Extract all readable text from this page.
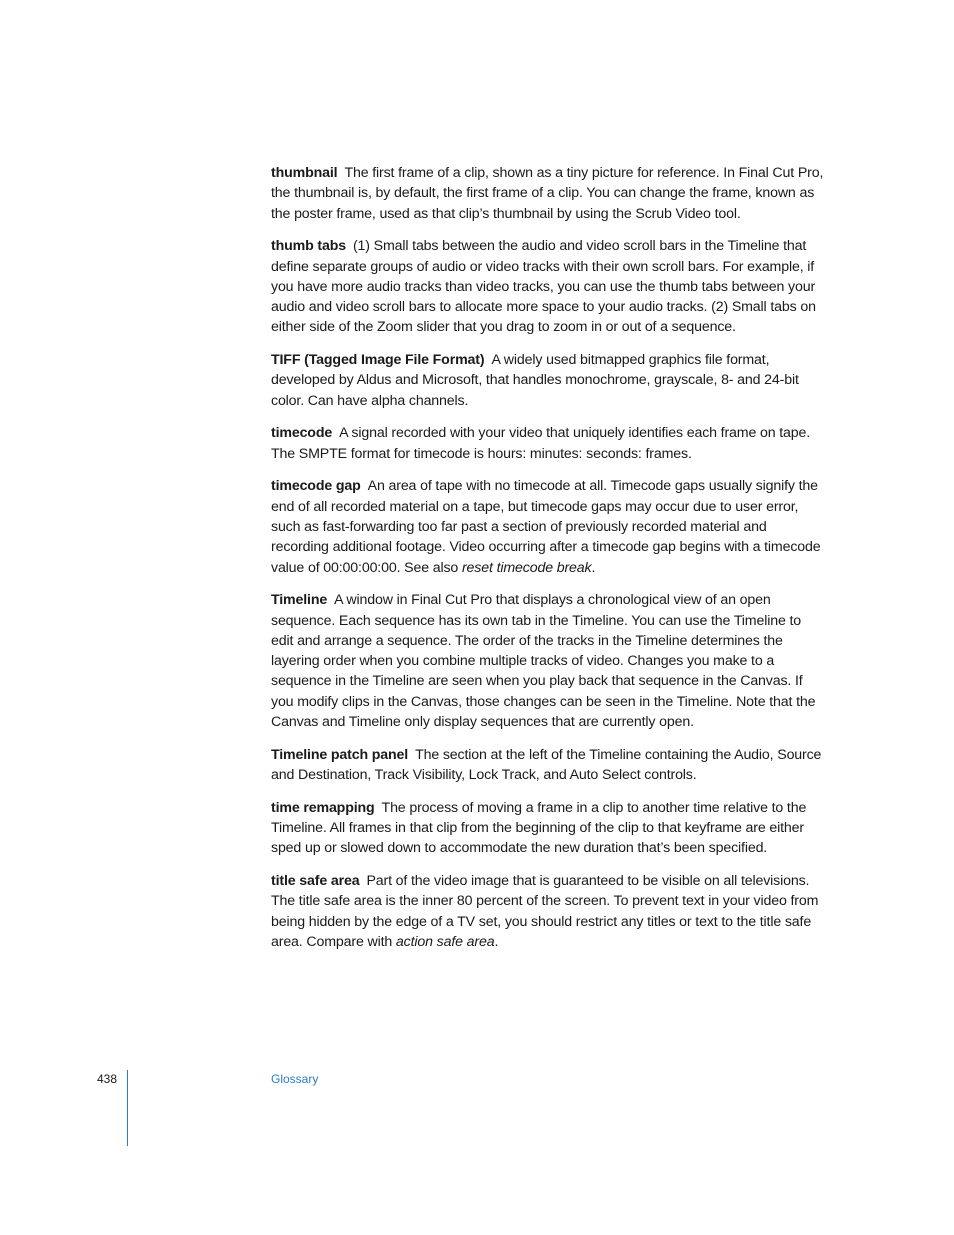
thumbnail The first frame of a clip, shown as a tiny picture for reference. In Final Cut Pro, the thumbnail is, by default, the first frame of a clip. You can change the frame, known as the poster frame, used as that clip’s thumbnail by using the Scrub Video tool.

thumb tabs (1) Small tabs between the audio and video scroll bars in the Timeline that define separate groups of audio or video tracks with their own scroll bars. For example, if you have more audio tracks than video tracks, you can use the thumb tabs between your audio and video scroll bars to allocate more space to your audio tracks. (2) Small tabs on either side of the Zoom slider that you drag to zoom in or out of a sequence.

TIFF (Tagged Image File Format) A widely used bitmapped graphics file format, developed by Aldus and Microsoft, that handles monochrome, grayscale, 8- and 24-bit color. Can have alpha channels.

timecode A signal recorded with your video that uniquely identifies each frame on tape. The SMPTE format for timecode is hours: minutes: seconds: frames.

timecode gap An area of tape with no timecode at all. Timecode gaps usually signify the end of all recorded material on a tape, but timecode gaps may occur due to user error, such as fast-forwarding too far past a section of previously recorded material and recording additional footage. Video occurring after a timecode gap begins with a timecode value of 00:00:00:00. See also reset timecode break.

Timeline A window in Final Cut Pro that displays a chronological view of an open sequence. Each sequence has its own tab in the Timeline. You can use the Timeline to edit and arrange a sequence. The order of the tracks in the Timeline determines the layering order when you combine multiple tracks of video. Changes you make to a sequence in the Timeline are seen when you play back that sequence in the Canvas. If you modify clips in the Canvas, those changes can be seen in the Timeline. Note that the Canvas and Timeline only display sequences that are currently open.

Timeline patch panel The section at the left of the Timeline containing the Audio, Source and Destination, Track Visibility, Lock Track, and Auto Select controls.

time remapping The process of moving a frame in a clip to another time relative to the Timeline. All frames in that clip from the beginning of the clip to that keyframe are either sped up or slowed down to accommodate the new duration that’s been specified.

title safe area Part of the video image that is guaranteed to be visible on all televisions. The title safe area is the inner 80 percent of the screen. To prevent text in your video from being hidden by the edge of a TV set, you should restrict any titles or text to the title safe area. Compare with action safe area.

438	Glossary
